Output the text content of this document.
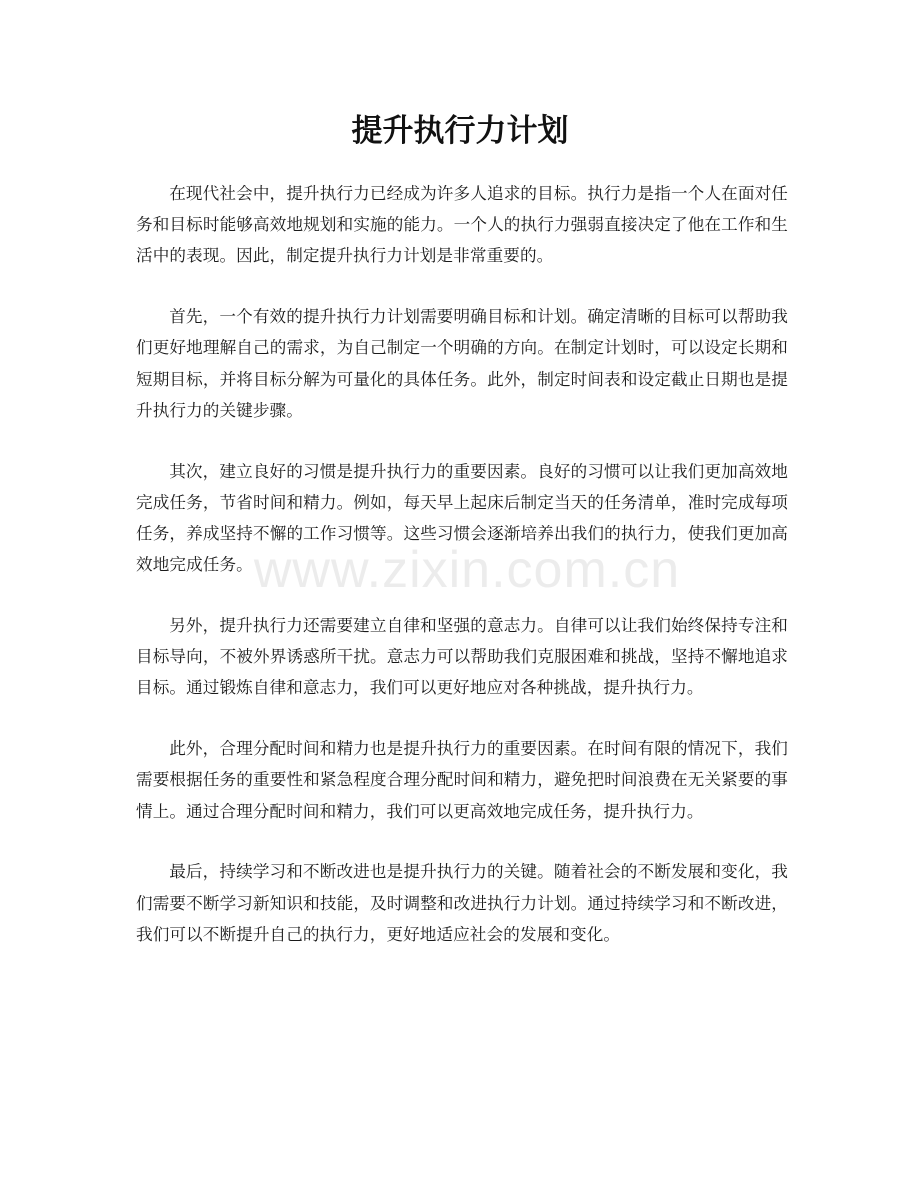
提升执行力计划

在现代社会中，提升执行力已经成为许多人追求的目标。执行力是指一个人在面对任务和目标时能够高效地规划和实施的能力。一个人的执行力强弱直接决定了他在工作和生活中的表现。因此，制定提升执行力计划是非常重要的。

首先，一个有效的提升执行力计划需要明确目标和计划。确定清晰的目标可以帮助我们更好地理解自己的需求，为自己制定一个明确的方向。在制定计划时，可以设定长期和短期目标，并将目标分解为可量化的具体任务。此外，制定时间表和设定截止日期也是提升执行力的关键步骤。

其次，建立良好的习惯是提升执行力的重要因素。良好的习惯可以让我们更加高效地完成任务，节省时间和精力。例如，每天早上起床后制定当天的任务清单，准时完成每项任务，养成坚持不懈的工作习惯等。这些习惯会逐渐培养出我们的执行力，使我们更加高效地完成任务。

另外，提升执行力还需要建立自律和坚强的意志力。自律可以让我们始终保持专注和目标导向，不被外界诱惑所干扰。意志力可以帮助我们克服困难和挑战，坚持不懈地追求目标。通过锻炼自律和意志力，我们可以更好地应对各种挑战，提升执行力。

此外，合理分配时间和精力也是提升执行力的重要因素。在时间有限的情况下，我们需要根据任务的重要性和紧急程度合理分配时间和精力，避免把时间浪费在无关紧要的事情上。通过合理分配时间和精力，我们可以更高效地完成任务，提升执行力。

最后，持续学习和不断改进也是提升执行力的关键。随着社会的不断发展和变化，我们需要不断学习新知识和技能，及时调整和改进执行力计划。通过持续学习和不断改进，我们可以不断提升自己的执行力，更好地适应社会的发展和变化。

www.zixin.com.cn
